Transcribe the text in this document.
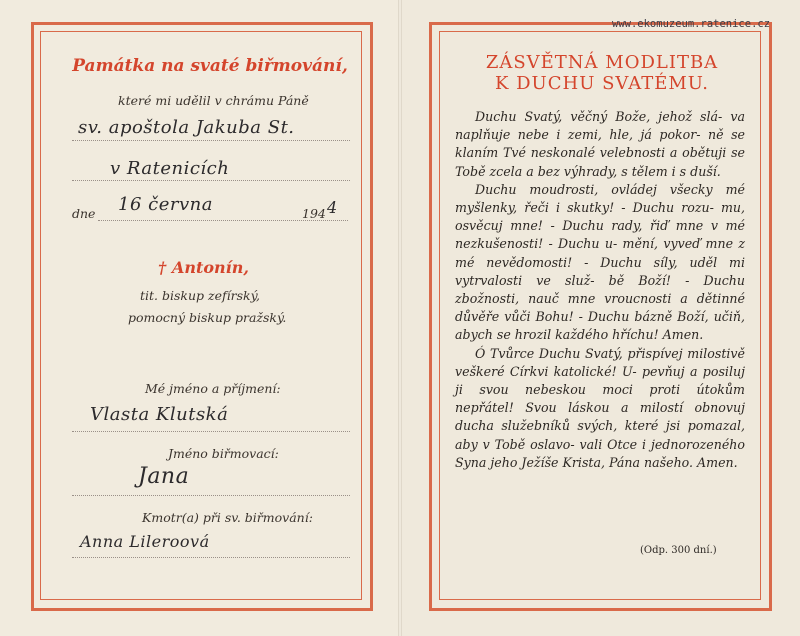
www.ekomuzeum.ratenice.cz
Památka na svaté biřmování,
které mi udělil v chrámu Páně
sv. apoštola Jakuba St.
v Ratenicích
dne 16 června	194 4
† Antonín,
tit. biskup zefírský,
pomocný biskup pražský.
Mé jméno a příjmení:
Vlasta Klutská
Jméno biřmovací:
Jana
Kmotr(a) při sv. biřmování:
Anna Lileroová
ZÁSVĚTNÁ MODLITBA
K DUCHU SVATÉMU.

Duchu Svatý, věčný Bože, jehož slá- va naplňuje nebe i zemi, hle, já pokor- ně se klaním Tvé neskonalé velebnosti a obětuji se Tobě zcela a bez výhrady, s tělem i s duší.

Duchu moudrosti, ovládej všecky mé myšlenky, řeči i skutky! - Duchu rozu- mu, osvěcuj mne! - Duchu rady, řiď mne v mé nezkušenosti! - Duchu u- mění, vyveď mne z mé nevědomosti! - Duchu síly, uděl mi vytrvalosti ve služ- bě Boží! - Duchu zbožnosti, nauč mne vroucnosti a dětinné důvěře vůči Bohu! - Duchu bázně Boží, učiň, abych se hrozil každého hříchu! Amen.

Ó Tvůrce Duchu Svatý, přispívej milostivě veškeré Církvi katolické! U- pevňuj a posiluj ji svou nebeskou moci proti útokům nepřátel! Svou láskou a milostí obnovuj ducha služebníků svých, které jsi pomazal, aby v Tobě oslavo- vali Otce i jednorozeného Syna jeho Ježíše Krista, Pána našeho. Amen.

(Odp. 300 dní.)
